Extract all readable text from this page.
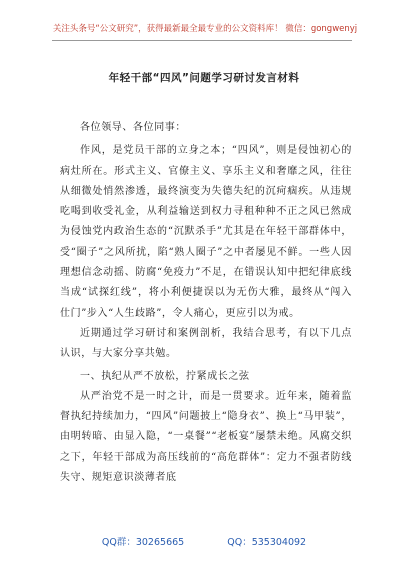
关注头条号“公文研究”，获得最新最全最专业的公文资料库！ 微信：gongwenyj
年轻干部“四风”问题学习研讨发言材料

各位领导、各位同事：

作风，是党员干部的立身之本；“四风”，则是侵蚀初心的病灶所在。形式主义、官僚主义、享乐主义和奢靡之风，往往从细微处悄然渗透，最终演变为失德失纪的沉疴痼疾。从违规吃喝到收受礼金，从利益输送到权力寻租种种不正之风已然成为侵蚀党内政治生态的“沉默杀手”尤其是在年轻干部群体中，受“圈子”之风所扰，陷“熟人圈子”之中者屡见不鲜。一些人因理想信念动摇、防腐“免疫力”不足，在错误认知中把纪律底线当成“试探红线”，将小利便捷误以为无伤大雅，最终从“闯入仕门”步入“人生歧路”，令人痛心，更应引以为戒。

近期通过学习研讨和案例剖析，我结合思考，有以下几点认识，与大家分享共勉。

一、执纪从严不放松，拧紧成长之弦

从严治党不是一时之计，而是一贯要求。近年来，随着监督执纪持续加力，“四风”问题披上“隐身衣”、换上“马甲装”，由明转暗、由显入隐，“一桌餐”“老板宴”屡禁未绝。风腐交织之下，年轻干部成为高压线前的“高危群体”：定力不强者防线失守、规矩意识淡薄者底

QQ群：30265665	QQ：535304092
